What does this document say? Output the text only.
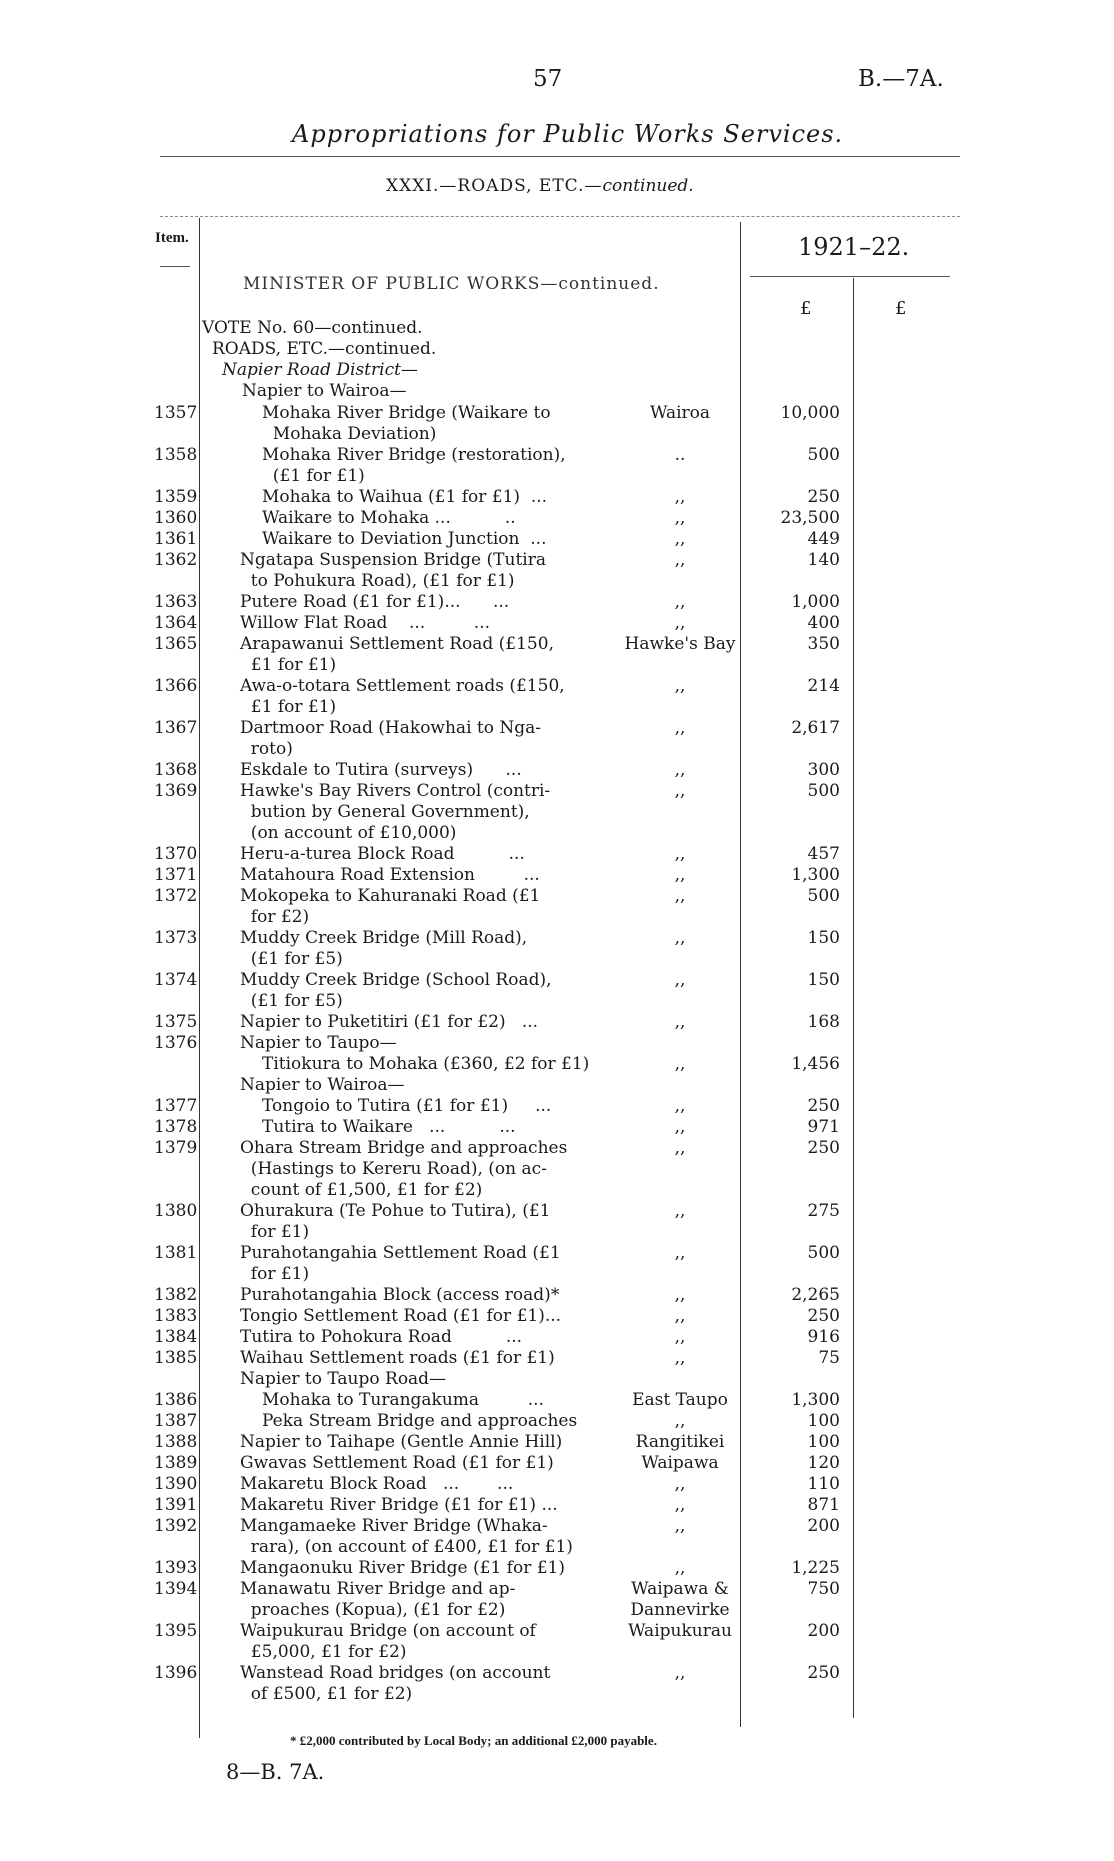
57	B.—7A.
Appropriations for Public Works Services.
XXXI.—ROADS, ETC.—continued.
Item.	1921–22.
MINISTER OF PUBLIC WORKS—continued.
£	£
VOTE No. 60—continued.
ROADS, ETC.—continued.
Napier Road District—
Napier to Wairoa—
1357	Mohaka River Bridge (Waikare to
Mohaka Deviation)
Wairoa	10,000
1358	Mohaka River Bridge (restoration),
(£1 for £1)
..	500
1359	Mohaka to Waihua (£1 for £1)  ...	,,	250
1360	Waikare to Mohaka ...          ..	,,	23,500
1361	Waikare to Deviation Junction  ...	,,	449
1362	Ngatapa Suspension Bridge (Tutira
to Pohukura Road), (£1 for £1)
,,	140
1363	Putere Road (£1 for £1)...      ...	,,	1,000
1364	Willow Flat Road    ...         ...	,,	400
1365	Arapawanui Settlement Road (£150,
£1 for £1)
Hawke's Bay	350
1366	Awa-o-totara Settlement roads (£150,
£1 for £1)
,,	214
1367	Dartmoor Road (Hakowhai to Nga-
roto)
,,	2,617
1368	Eskdale to Tutira (surveys)      ...	,,	300
1369	Hawke's Bay Rivers Control (contri-
bution by General Government),
(on account of £10,000)
,,	500
1370	Heru-a-turea Block Road          ...	,,	457
1371	Matahoura Road Extension         ...	,,	1,300
1372	Mokopeka to Kahuranaki Road (£1
for £2)
,,	500
1373	Muddy Creek Bridge (Mill Road),
(£1 for £5)
,,	150
1374	Muddy Creek Bridge (School Road),
(£1 for £5)
,,	150
1375	Napier to Puketitiri (£1 for £2)   ...	,,	168
1376	Napier to Taupo—
Titiokura to Mohaka (£360, £2 for £1)	,,	1,456
Napier to Wairoa—
1377	Tongoio to Tutira (£1 for £1)     ...	,,	250
1378	Tutira to Waikare   ...          ...	,,	971
1379	Ohara Stream Bridge and approaches
(Hastings to Kereru Road), (on ac-
count of £1,500, £1 for £2)
,,	250
1380	Ohurakura (Te Pohue to Tutira), (£1
for £1)
,,	275
1381	Purahotangahia Settlement Road (£1
for £1)
,,	500
1382	Purahotangahia Block (access road)*	,,	2,265
1383	Tongio Settlement Road (£1 for £1)...	,,	250
1384	Tutira to Pohokura Road          ...	,,	916
1385	Waihau Settlement roads (£1 for £1)	,,	75
Napier to Taupo Road—
1386	Mohaka to Turangakuma         ...	East Taupo	1,300
1387	Peka Stream Bridge and approaches	,,	100
1388	Napier to Taihape (Gentle Annie Hill)	Rangitikei	100
1389	Gwavas Settlement Road (£1 for £1)	Waipawa	120
1390	Makaretu Block Road   ...       ...	,,	110
1391	Makaretu River Bridge (£1 for £1) ...	,,	871
1392	Mangamaeke River Bridge (Whaka-
rara), (on account of £400, £1 for £1)
,,	200
1393	Mangaonuku River Bridge (£1 for £1)	,,	1,225
1394	Manawatu River Bridge and ap-
proaches (Kopua), (£1 for £2)
Waipawa &
Dannevirke
750
1395	Waipukurau Bridge (on account of
£5,000, £1 for £2)
Waipukurau	200
1396	Wanstead Road bridges (on account
of £500, £1 for £2)
,,	250
* £2,000 contributed by Local Body; an additional £2,000 payable.
8—B. 7A.
